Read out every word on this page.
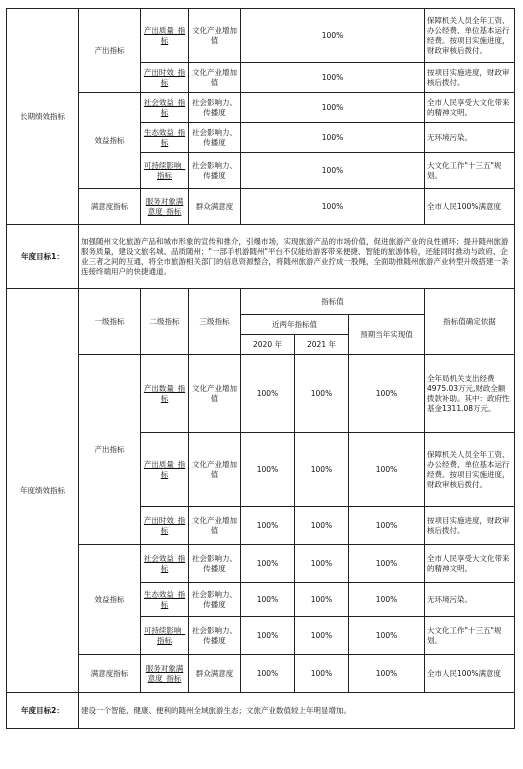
长期绩效指标	产出指标	产出质量_指标	文化产业增加值	100%			保障机关人员全年工资、办公经费、单位基本运行经费。按项目实施进度，财政审核后拨付。
		产出时效_指标	文化产业增加值	100%			按项目实施进度，财政审核后拨付。
	效益指标	社会效益_指标	社会影响力、传播度	100%			全市人民享受大文化带来的精神文明。
		生态效益_指标	社会影响力、传播度	100%			无环境污染。
		可持续影响_指标	社会影响力、传播度	100%			大文化工作"十三五"规划。
	满意度指标	服务对象满意度_指标	群众满意度	100%			全市人民100%满意度
年度目标1：	加强随州文化旅游产品和城市形象的宣传和推介，引爆市场，实现旅游产品的市场价值，促进旅游产业的良性循环；提升随州旅游服务质量，建设文旅名城、品质随州；"一部手机游随州"平台不仅能给游客带来便捷、智能的旅游体验，还能同时推动与政府、企业三者之间的互通，将全市旅游相关部门的信息资源整合，将随州旅游产业拧成一股绳，全面助推随州旅游产业转型升级搭建一条连接终端用户的快捷通道。						
年度绩效指标	一级指标	二级指标	三级指标	指标值			指标值确定依据
				近两年指标值		预期当年实现值	
				2020 年	2021 年		
	产出指标	产出数量_指标	文化产业增加值	100%	100%	100%	全年局机关支出经费4975.03万元,财政全额拨款补助。其中：政府性基金1311.08万元。
		产出质量_指标	文化产业增加值	100%	100%	100%	保障机关人员全年工资、办公经费、单位基本运行经费。按项目实施进度，财政审核后拨付。
		产出时效_指标	文化产业增加值	100%	100%	100%	按项目实施进度，财政审核后拨付。
	效益指标	社会效益_指标	社会影响力、传播度	100%	100%	100%	全市人民享受大文化带来的精神文明。
		生态效益_指标	社会影响力、传播度	100%	100%	100%	无环境污染。
		可持续影响_指标	社会影响力、传播度	100%	100%	100%	大文化工作"十三五"规划。
	满意度指标	服务对象满意度_指标	群众满意度	100%	100%	100%	全市人民100%满意度
年度目标2：	建设一个智能、健康、便利的随州全域旅游生态；文旅产业数值较上年明显增加。						
